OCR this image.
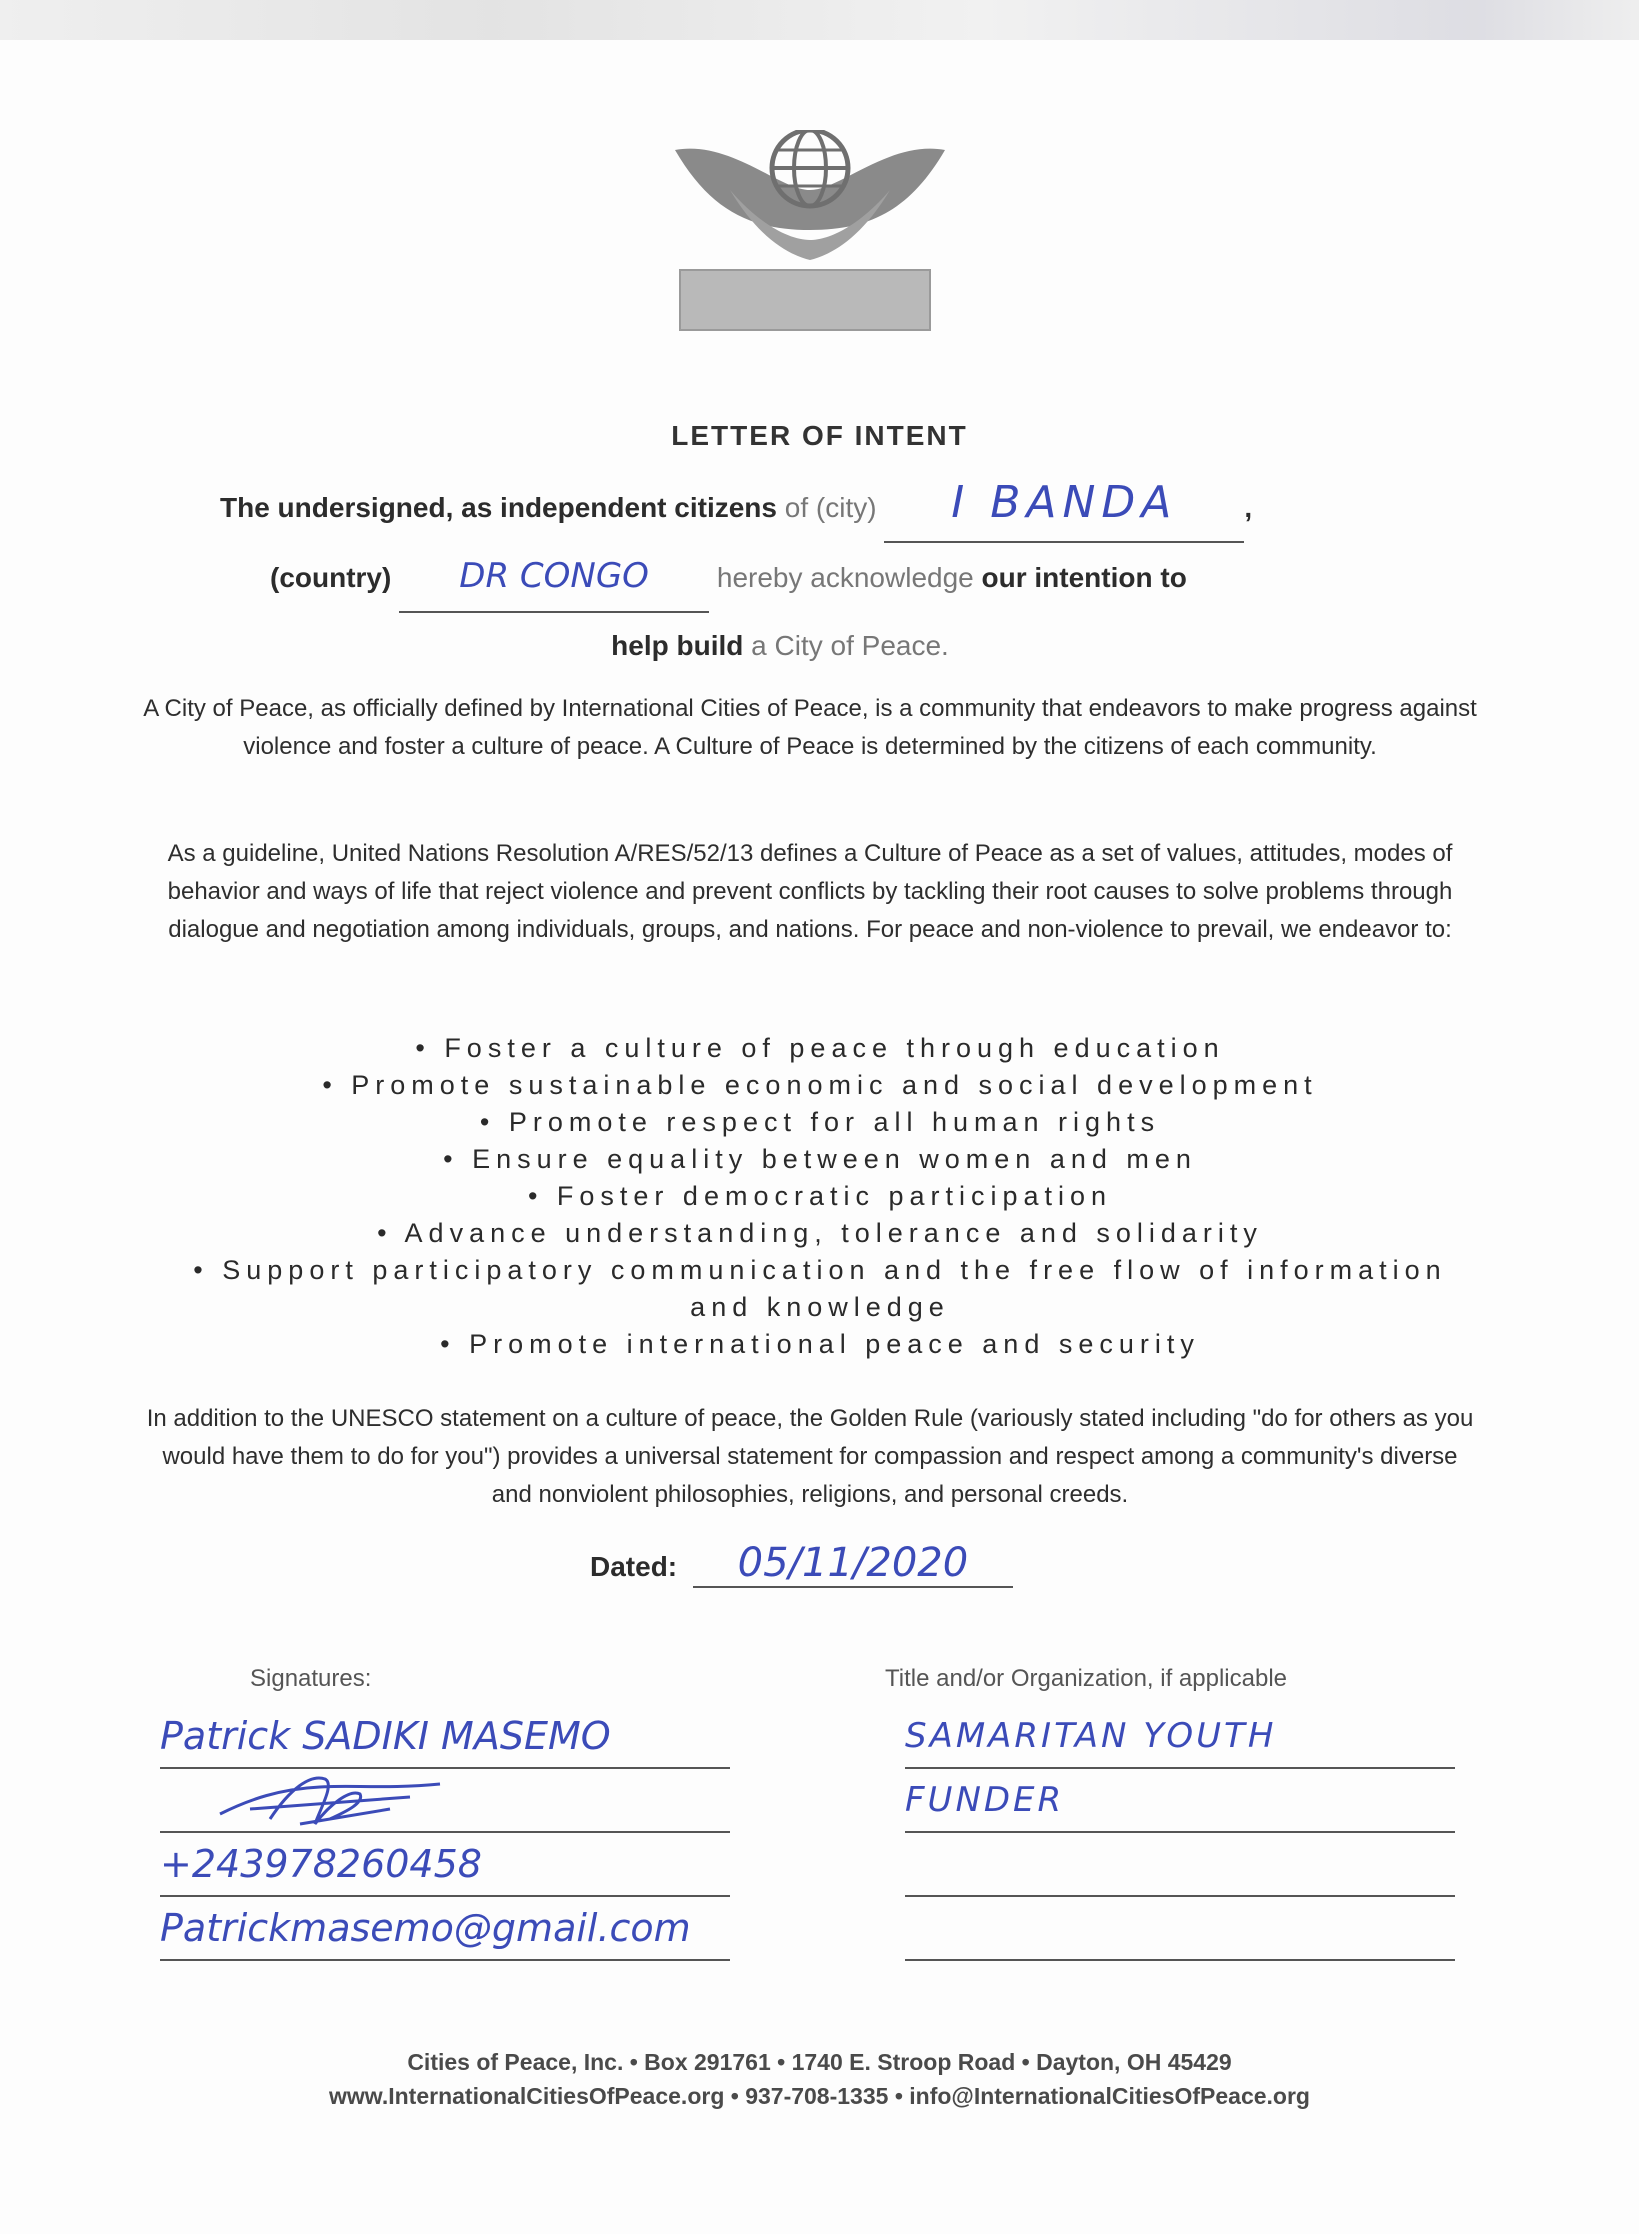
LETTER OF INTENT
The undersigned, as independent citizens of (city) I BANDA ,
(country) DR CONGO hereby acknowledge our intention to
help build a City of Peace.
A City of Peace, as officially defined by International Cities of Peace, is a community that endeavors to make progress against violence and foster a culture of peace. A Culture of Peace is determined by the citizens of each community.
As a guideline, United Nations Resolution A/RES/52/13 defines a Culture of Peace as a set of values, attitudes, modes of behavior and ways of life that reject violence and prevent conflicts by tackling their root causes to solve problems through dialogue and negotiation among individuals, groups, and nations. For peace and non-violence to prevail, we endeavor to:
• Foster a culture of peace through education
• Promote sustainable economic and social development
• Promote respect for all human rights
• Ensure equality between women and men
• Foster democratic participation
• Advance understanding, tolerance and solidarity
• Support participatory communication and the free flow of information and knowledge
• Promote international peace and security
In addition to the UNESCO statement on a culture of peace, the Golden Rule (variously stated including "do for others as you would have them to do for you") provides a universal statement for compassion and respect among a community's diverse and nonviolent philosophies, religions, and personal creeds.
Dated: 05/11/2020
Signatures:	Title and/or Organization, if applicable
Patrick SADIKI MASEMO
+243978260458
Patrickmasemo@gmail.com
SAMARITAN YOUTH
FUNDER
Cities of Peace, Inc. • Box 291761 • 1740 E. Stroop Road • Dayton, OH 45429
www.InternationalCitiesOfPeace.org • 937-708-1335 • info@InternationalCitiesOfPeace.org
